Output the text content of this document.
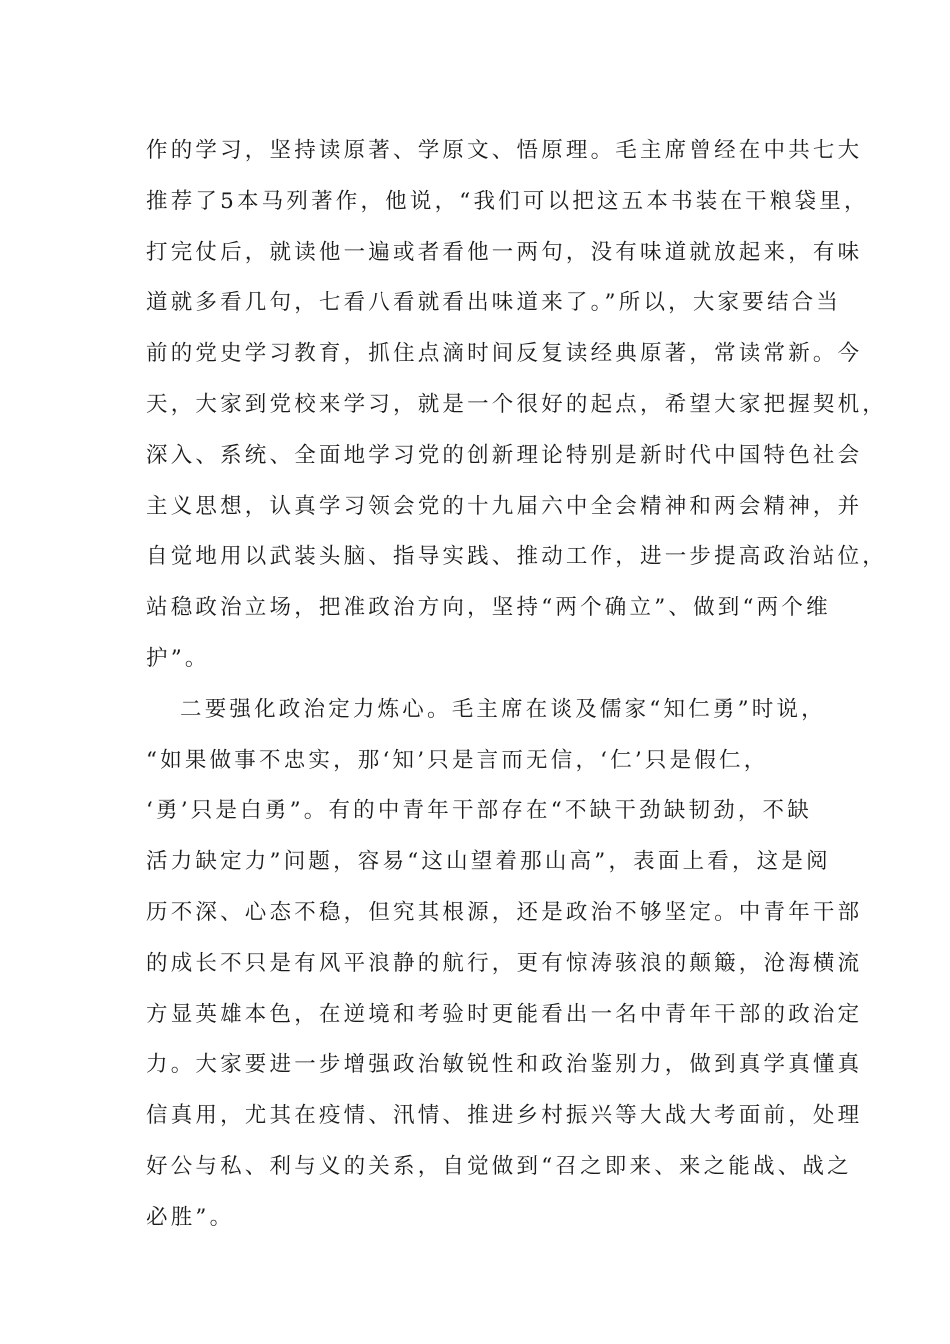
作的学习，坚持读原著、学原文、悟原理。毛主席曾经在中共七大
推荐了5本马列著作，他说，“我们可以把这五本书装在干粮袋里，
打完仗后，就读他一遍或者看他一两句，没有味道就放起来，有味
道就多看几句，七看八看就看出味道来了。”所以，大家要结合当
前的党史学习教育，抓住点滴时间反复读经典原著，常读常新。今
天，大家到党校来学习，就是一个很好的起点，希望大家把握契机，
深入、系统、全面地学习党的创新理论特别是新时代中国特色社会
主义思想，认真学习领会党的十九届六中全会精神和两会精神，并
自觉地用以武装头脑、指导实践、推动工作，进一步提高政治站位，
站稳政治立场，把准政治方向，坚持“两个确立”、做到“两个维
护”。
二要强化政治定力炼心。毛主席在谈及儒家“知仁勇”时说，
“如果做事不忠实，那‘知’只是言而无信，‘仁’只是假仁，
‘勇’只是白勇”。有的中青年干部存在“不缺干劲缺韧劲，不缺
活力缺定力”问题，容易“这山望着那山高”，表面上看，这是阅
历不深、心态不稳，但究其根源，还是政治不够坚定。中青年干部
的成长不只是有风平浪静的航行，更有惊涛骇浪的颠簸，沧海横流
方显英雄本色，在逆境和考验时更能看出一名中青年干部的政治定
力。大家要进一步增强政治敏锐性和政治鉴别力，做到真学真懂真
信真用，尤其在疫情、汛情、推进乡村振兴等大战大考面前，处理
好公与私、利与义的关系，自觉做到“召之即来、来之能战、战之
必胜”。
